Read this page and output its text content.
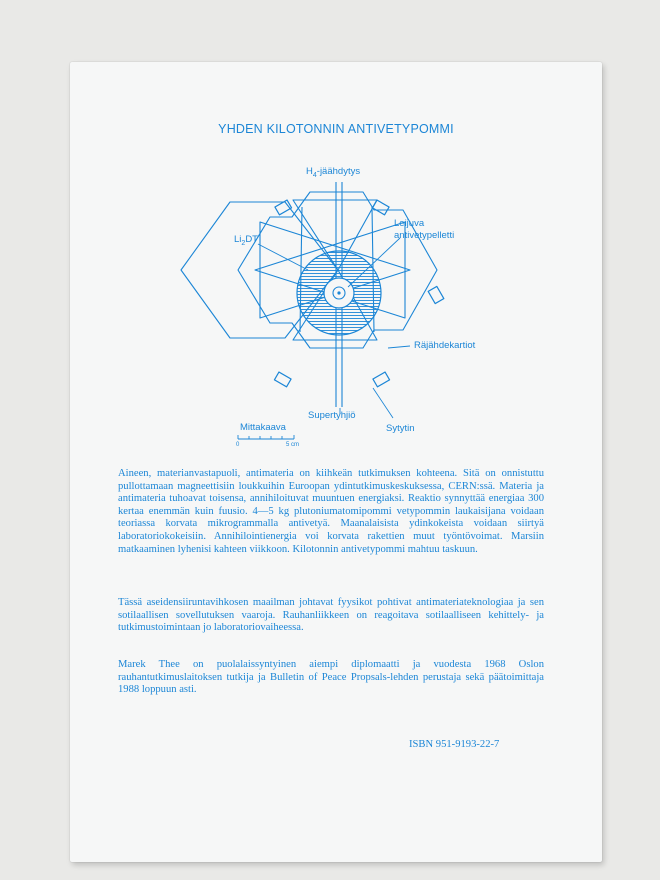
YHDEN KILOTONNIN ANTIVETYPOMMI
$H_4$-jäähdytys
$Li_2DT$
Leijuva
antivetypelletti
Räjähdekartiot
Supertyhjiö
Sytytin
Mittakaava
0	5 cm

Aineen, materianvastapuoli, antimateria on kiihkeän tutkimuksen kohteena. Sitä on onnistuttu pullottamaan magneettisiin loukkuihin Euroopan ydintutkimuskeskuksessa, CERN:ssä. Materia ja antimateria tuhoavat toisensa, annihiloituvat muuntuen energiaksi. Reaktio synnyttää energiaa 300 kertaa enemmän kuin fuusio. 4—5 kg plutoniumatomipommi vetypommin laukaisijana voidaan teoriassa korvata mikrogrammalla antivetyä. Maanalaisista ydinkokeista voidaan siirtyä laboratoriokokeisiin. Annihilointienergia voi korvata rakettien muut työntövoimat. Marsiin matkaaminen lyhenisi kahteen viikkoon. Kilotonnin antivetypommi mahtuu taskuun.

Tässä aseidensiiruntavihkosen maailman johtavat fyysikot pohtivat antimateriateknologiaa ja sen sotilaallisen sovellutuksen vaaroja. Rauhanliikkeen on reagoitava sotilaalliseen kehittely- ja tutkimustoimintaan jo laboratoriovaiheessa.

Marek Thee on puolalaissyntyinen aiempi diplomaatti ja vuodesta 1968 Oslon rauhantutkimuslaitoksen tutkija ja Bulletin of Peace Propsals-lehden perustaja sekä päätoimittaja 1988 loppuun asti.

ISBN 951-9193-22-7
